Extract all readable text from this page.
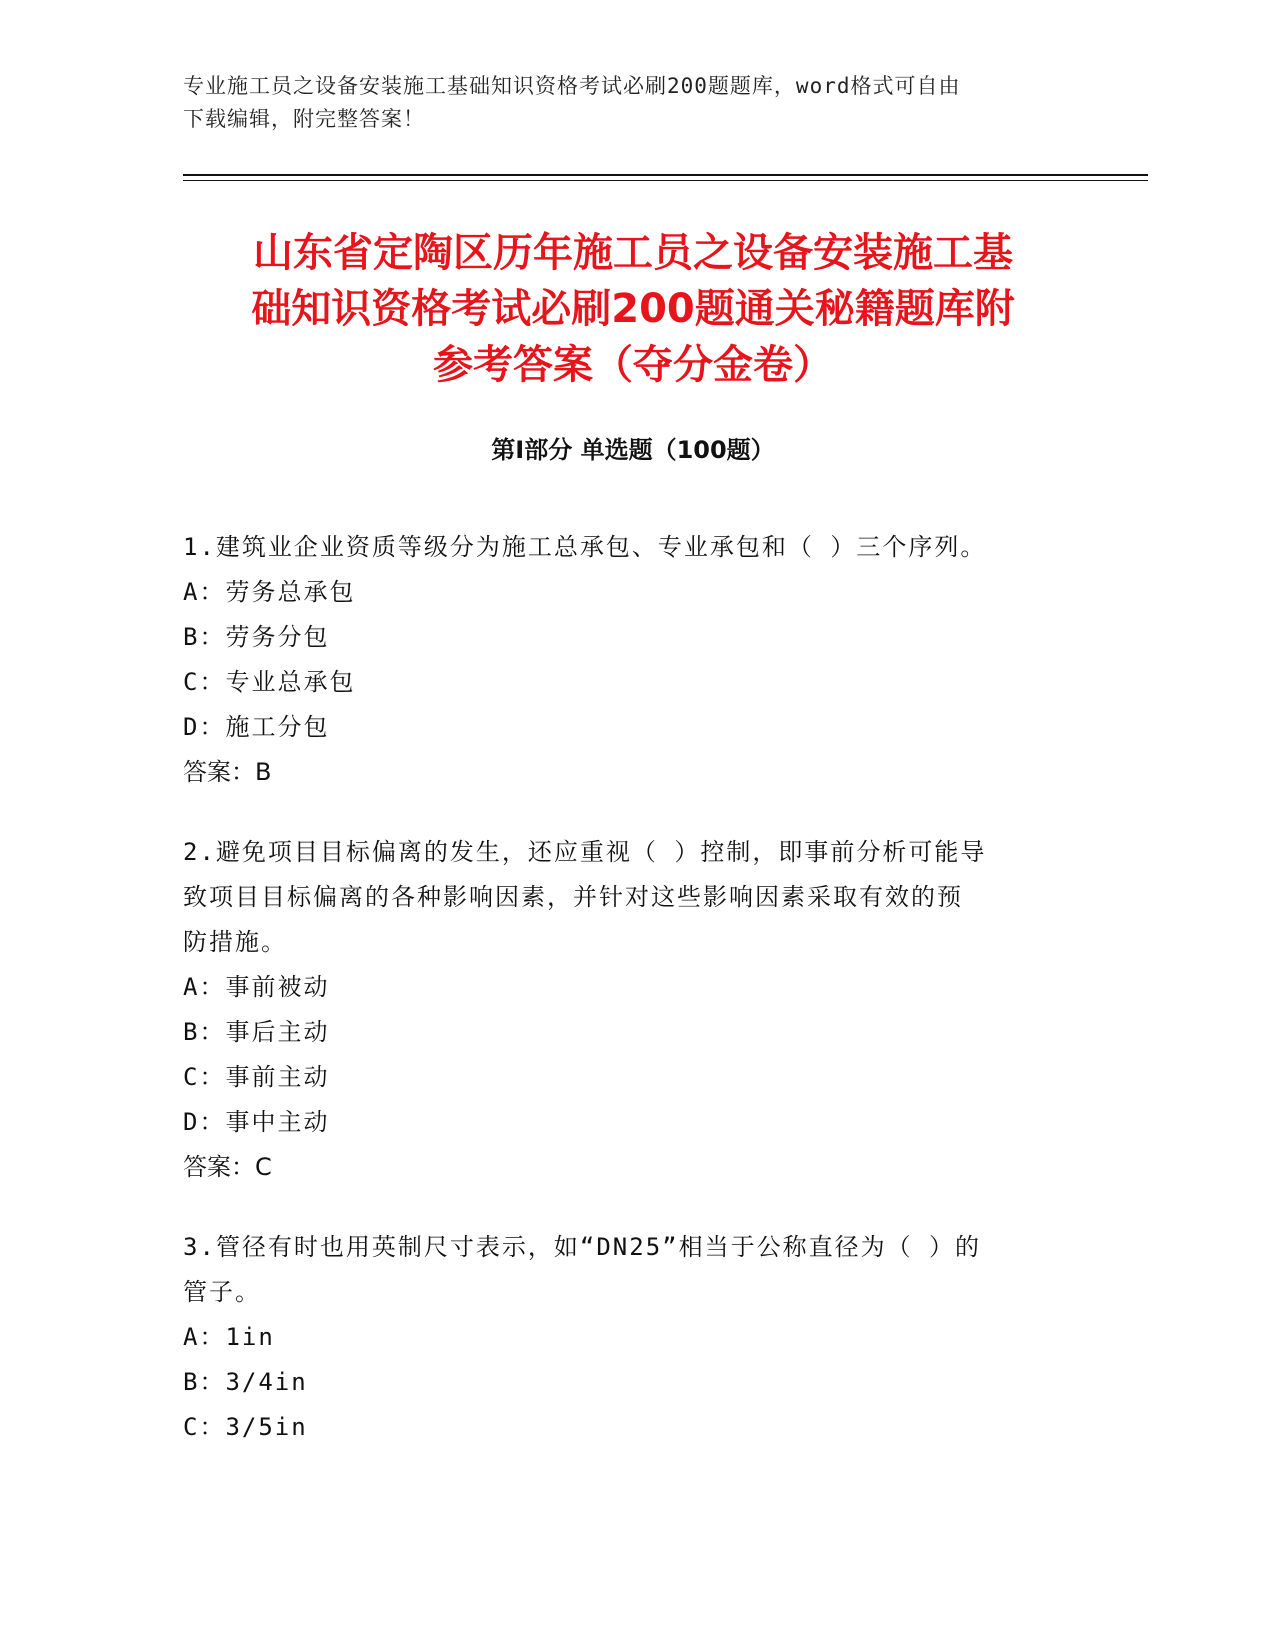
专业施工员之设备安装施工基础知识资格考试必刷200题题库，word格式可自由
下载编辑，附完整答案！
山东省定陶区历年施工员之设备安装施工基
础知识资格考试必刷200题通关秘籍题库附
参考答案（夺分金卷）
第Ⅰ部分 单选题（100题）
1.建筑业企业资质等级分为施工总承包、专业承包和（ ）三个序列。
A：劳务总承包
B：劳务分包
C：专业总承包
D：施工分包
答案：B
2.避免项目目标偏离的发生，还应重视（ ）控制，即事前分析可能导
致项目目标偏离的各种影响因素，并针对这些影响因素采取有效的预
防措施。
A：事前被动
B：事后主动
C：事前主动
D：事中主动
答案：C
3.管径有时也用英制尺寸表示，如“DN25”相当于公称直径为（ ）的
管子。
A：1in
B：3/4in
C：3/5in
